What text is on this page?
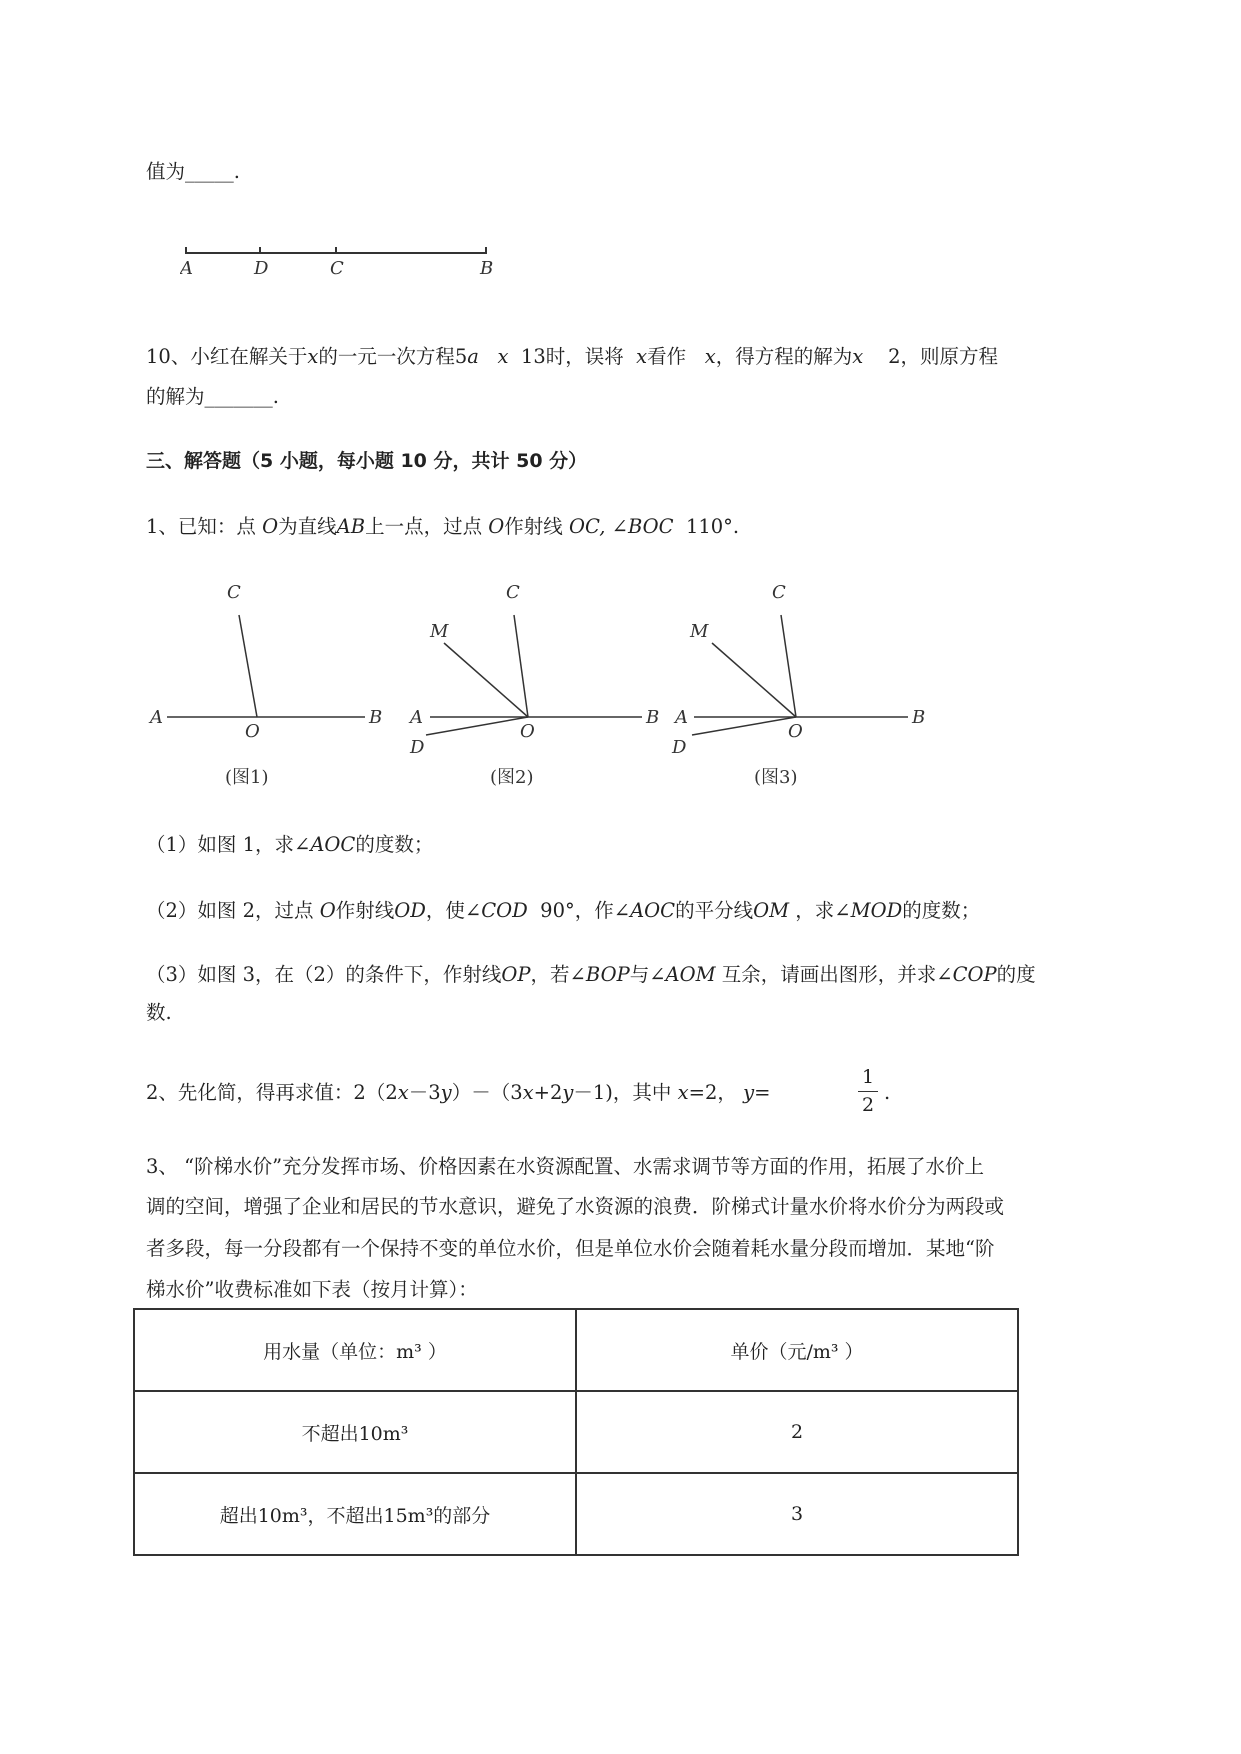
值为_____.
A	D	C	B
10、小红在解关于x的一元一次方程5a x 13时，误将 x看作 x，得方程的解为x 2，则原方程
的解为_______.
三、解答题（5 小题，每小题 10 分，共计 50 分）
1、已知：点 O为直线AB上一点，过点 O作射线 OC, ∠BOC 110°.
C
A
O
B
(图1)
C
M
A
D
O
B
(图2)
C
M
A
D
O
B
(图3)
（1）如图 1，求∠AOC的度数；
（2）如图 2，过点 O作射线OD，使∠COD 90°，作∠AOC的平分线OM ，求∠MOD的度数；
（3）如图 3，在（2）的条件下，作射线OP，若∠BOP与∠AOM 互余，请画出图形，并求∠COP的度
数.
2、先化简，得再求值：2（2x－3y）－（3x+2y－1)，其中 x=2， y=
1
2
.
3、 “阶梯水价”充分发挥市场、价格因素在水资源配置、水需求调节等方面的作用，拓展了水价上
调的空间，增强了企业和居民的节水意识，避免了水资源的浪费．阶梯式计量水价将水价分为两段或
者多段，每一分段都有一个保持不变的单位水价，但是单位水价会随着耗水量分段而增加．某地“阶
梯水价”收费标准如下表（按月计算）：
用水量（单位：m³ ）	单价（元/m³ ）
不超出10m³	2
超出10m³，不超出15m³的部分	3
